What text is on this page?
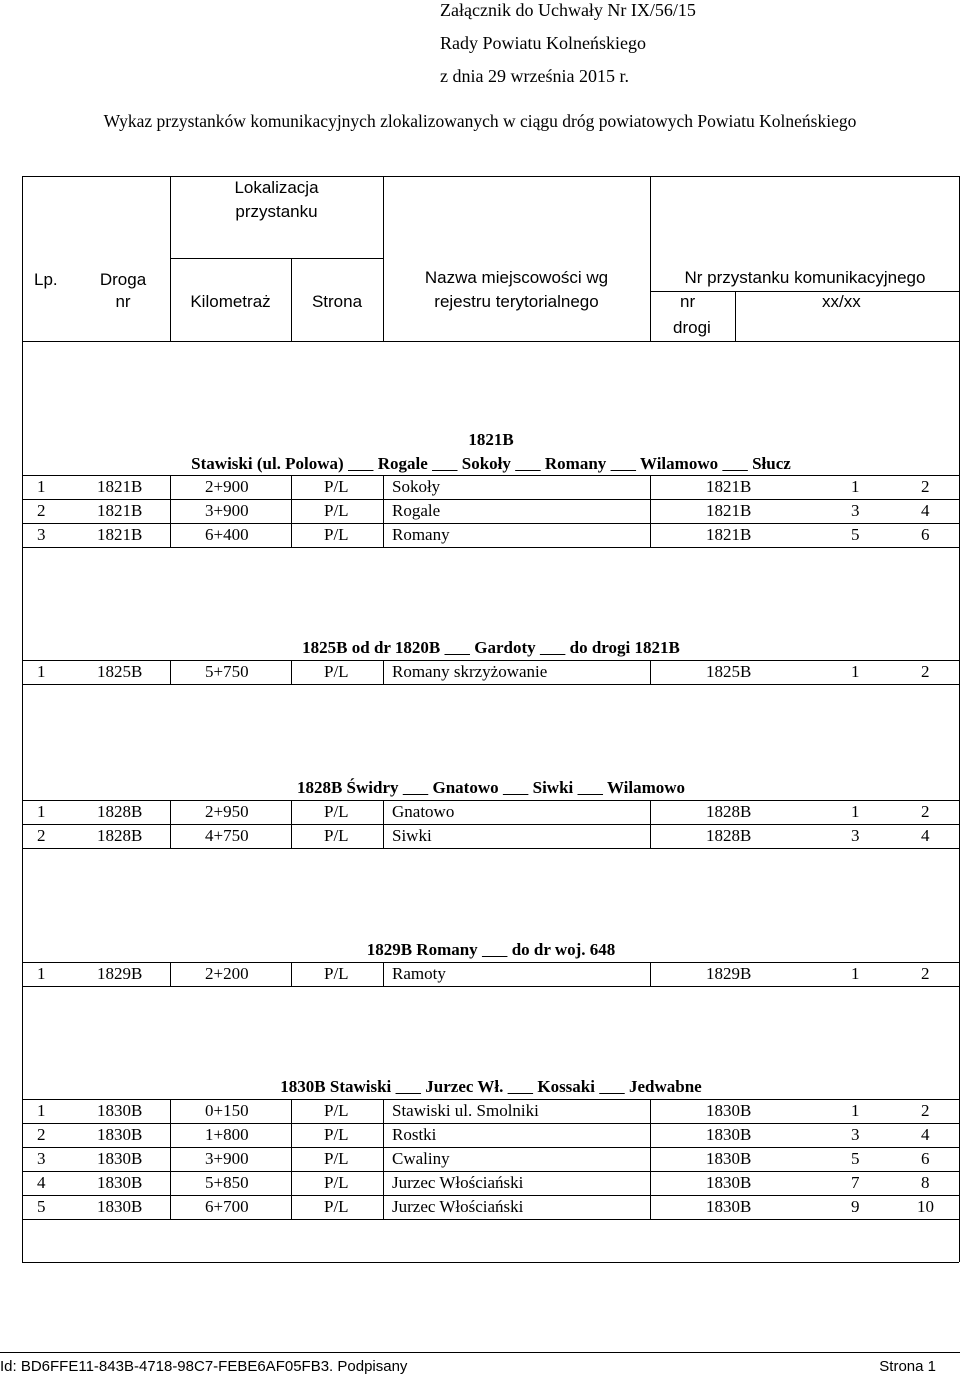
Załącznik do Uchwały Nr IX/56/15
Rady Powiatu Kolneńskiego
z dnia 29 września 2015 r.
Wykaz przystanków komunikacyjnych zlokalizowanych w ciągu dróg powiatowych Powiatu Kolneńskiego
Lp.	Droga
nr
Lokalizacja
przystanku
Kilometraż	Strona
Nazwa miejscowości wg
rejestru terytorialnego
Nr przystanku komunikacyjnego
nr
drogi
xx/xx
1821B
Stawiski (ul. Polowa) Rogale Sokoły Romany Wilamowo Słucz
1	1821B	2+900	P/L	Sokoły	1821B	1	2
2	1821B	3+900	P/L	Rogale	1821B	3	4
3	1821B	6+400	P/L	Romany	1821B	5	6
1825B od dr 1820B Gardoty do drogi 1821B
1	1825B	5+750	P/L	Romany skrzyżowanie	1825B	1	2
1828B Świdry Gnatowo Siwki Wilamowo
1	1828B	2+950	P/L	Gnatowo	1828B	1	2
2	1828B	4+750	P/L	Siwki	1828B	3	4
1829B Romany do dr woj. 648
1	1829B	2+200	P/L	Ramoty	1829B	1	2
1830B Stawiski Jurzec Wł. Kossaki Jedwabne
1	1830B	0+150	P/L	Stawiski ul. Smolniki	1830B	1	2
2	1830B	1+800	P/L	Rostki	1830B	3	4
3	1830B	3+900	P/L	Cwaliny	1830B	5	6
4	1830B	5+850	P/L	Jurzec Włościański	1830B	7	8
5	1830B	6+700	P/L	Jurzec Włościański	1830B	9	10
Id: BD6FFE11-843B-4718-98C7-FEBE6AF05FB3. Podpisany	Strona 1
